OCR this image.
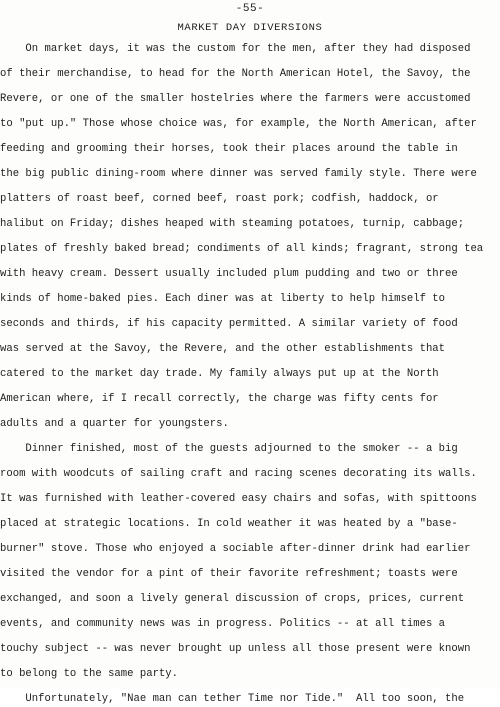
-55-
MARKET DAY DIVERSIONS
On market days, it was the custom for the men, after they had disposed
of their merchandise, to head for the North American Hotel, the Savoy, the
Revere, or one of the smaller hostelries where the farmers were accustomed
to "put up." Those whose choice was, for example, the North American, after
feeding and grooming their horses, took their places around the table in
the big public dining-room where dinner was served family style. There were
platters of roast beef, corned beef, roast pork; codfish, haddock, or
halibut on Friday; dishes heaped with steaming potatoes, turnip, cabbage;
plates of freshly baked bread; condiments of all kinds; fragrant, strong tea
with heavy cream. Dessert usually included plum pudding and two or three
kinds of home-baked pies. Each diner was at liberty to help himself to
seconds and thirds, if his capacity permitted. A similar variety of food
was served at the Savoy, the Revere, and the other establishments that
catered to the market day trade. My family always put up at the North
American where, if I recall correctly, the charge was fifty cents for
adults and a quarter for youngsters.
Dinner finished, most of the guests adjourned to the smoker -- a big
room with woodcuts of sailing craft and racing scenes decorating its walls.
It was furnished with leather-covered easy chairs and sofas, with spittoons
placed at strategic locations. In cold weather it was heated by a "base-
burner" stove. Those who enjoyed a sociable after-dinner drink had earlier
visited the vendor for a pint of their favorite refreshment; toasts were
exchanged, and soon a lively general discussion of crops, prices, current
events, and community news was in progress. Politics -- at all times a
touchy subject -- was never brought up unless all those present were known
to belong to the same party.
Unfortunately, "Nae man can tether Time nor Tide."  All too soon, the
